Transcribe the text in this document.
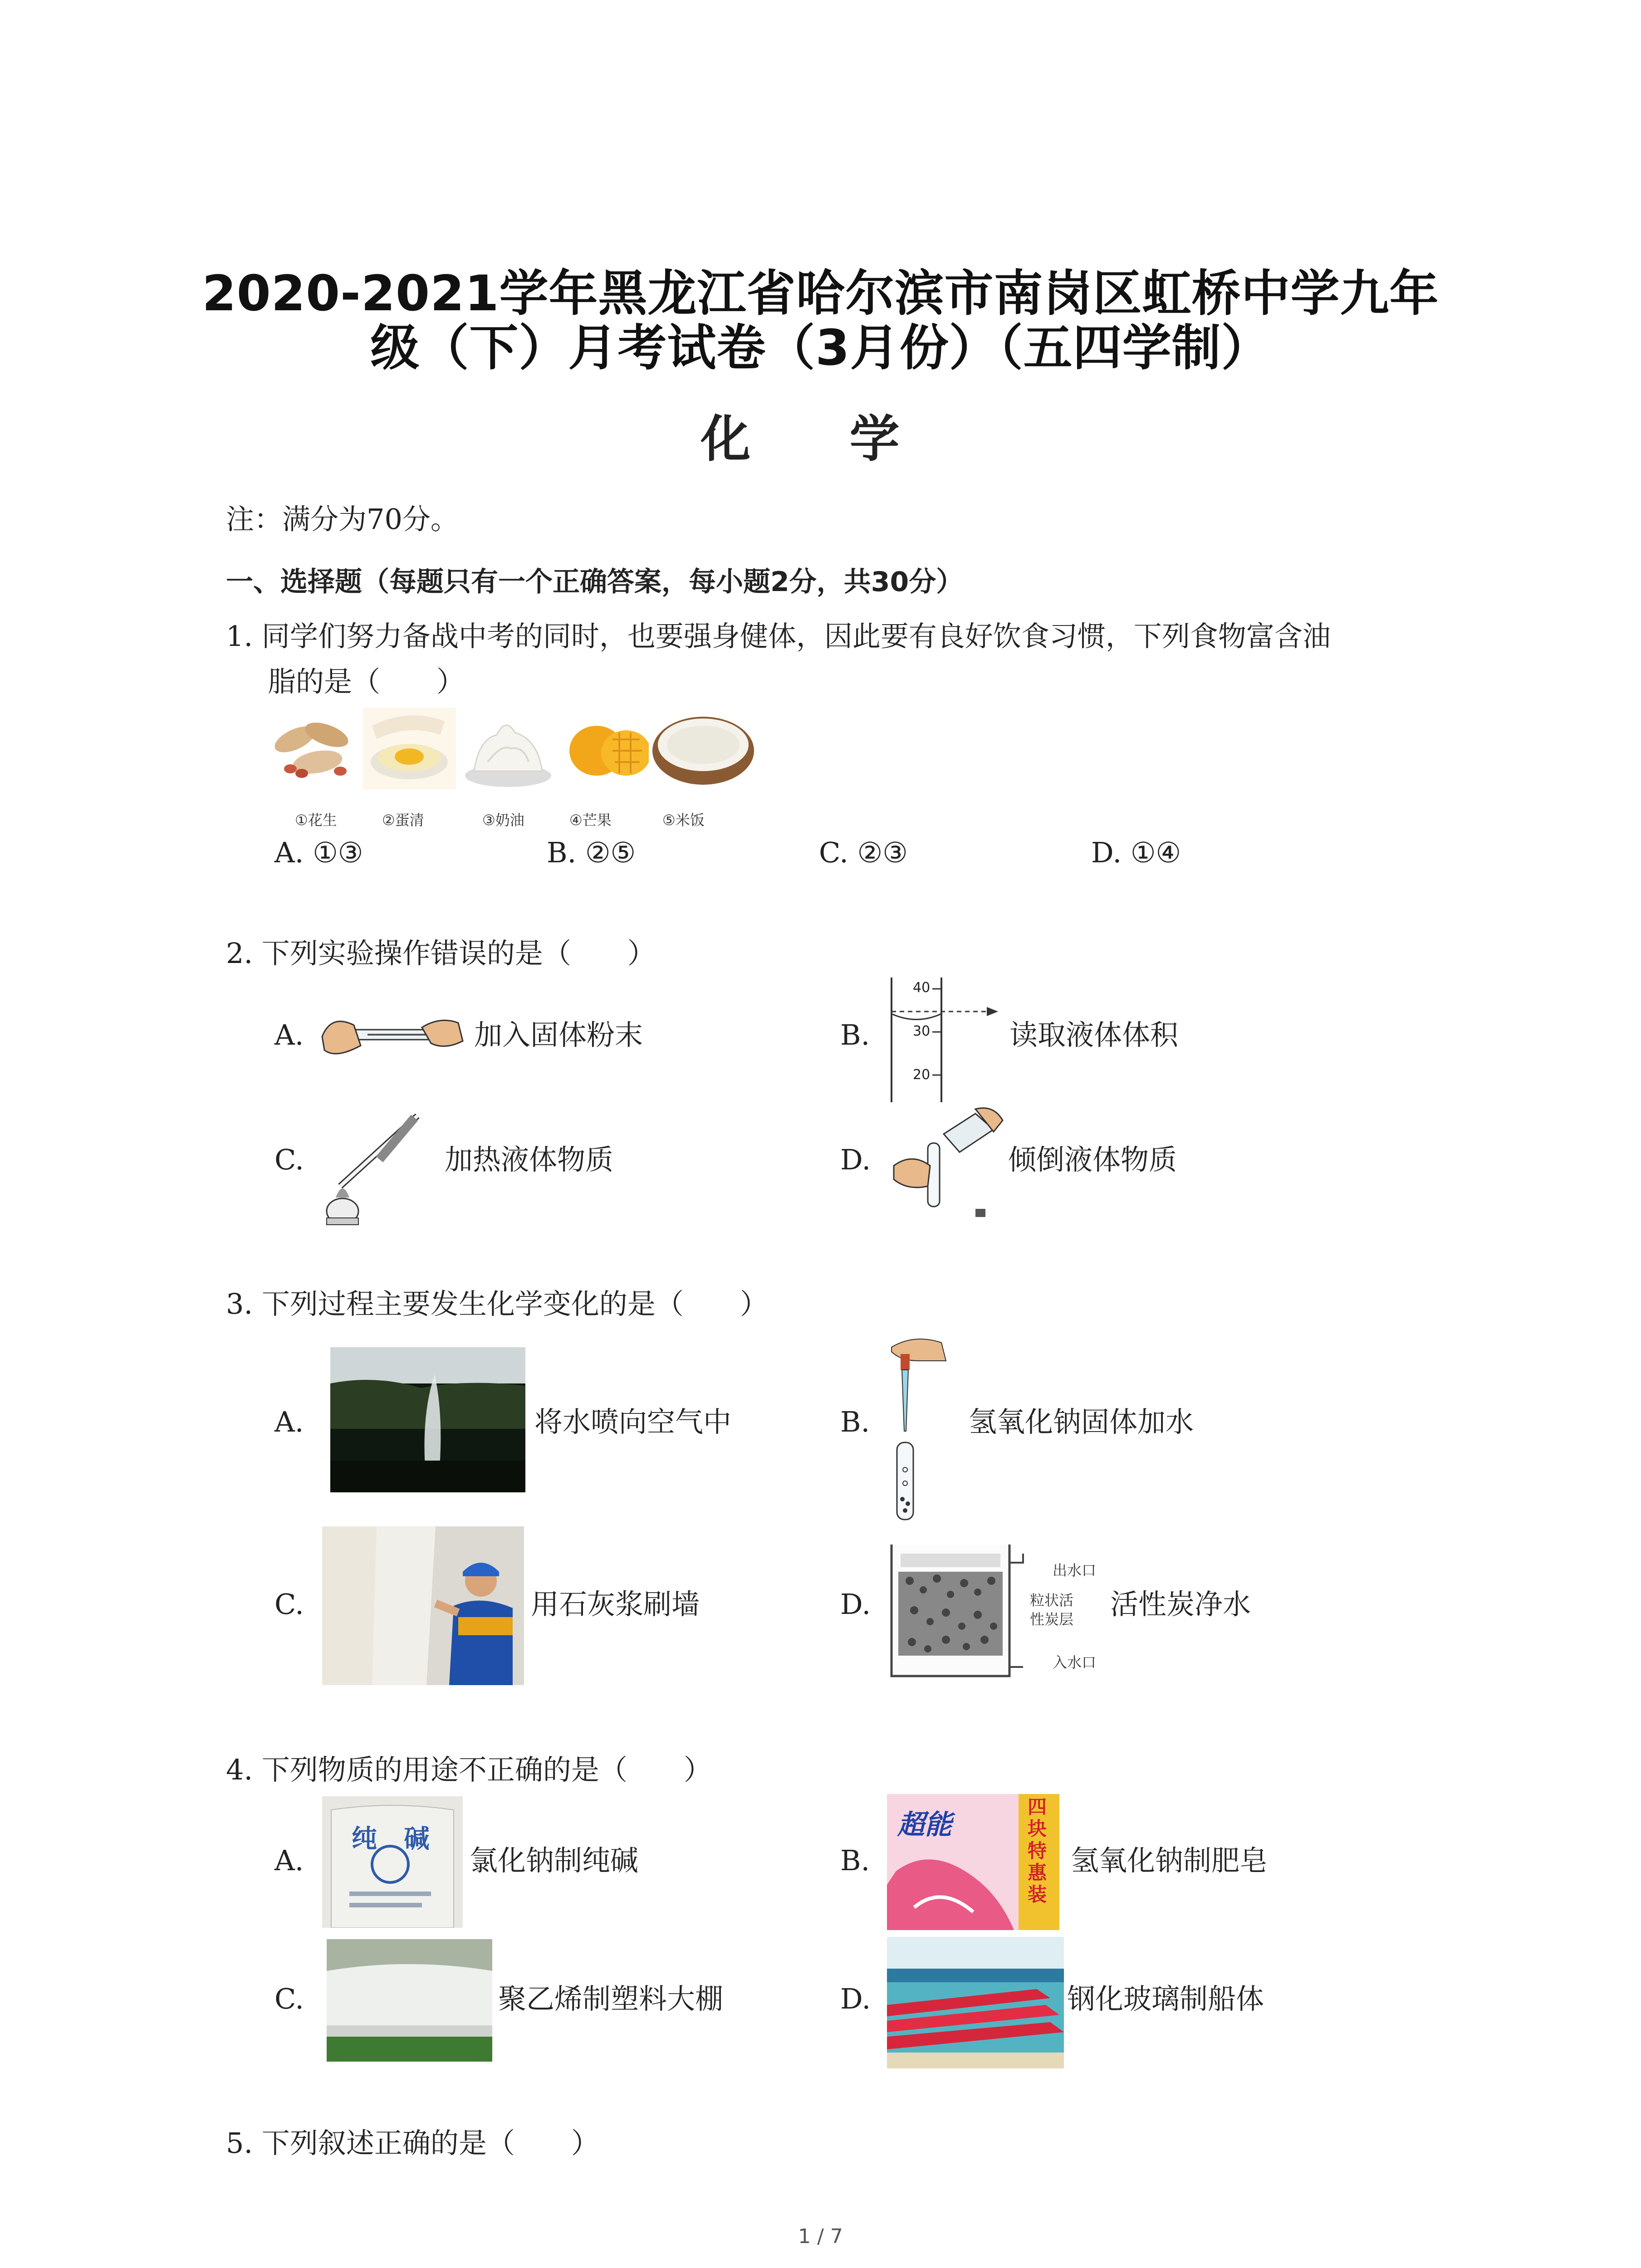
2020-2021学年黑龙江省哈尔滨市南岗区虹桥中学九年
级（下）月考试卷（3月份）（五四学制）
化 学
注：满分为70分。
一、选择题（每题只有一个正确答案，每小题2分，共30分）
1. 同学们努力备战中考的同时，也要强身健体，因此要有良好饮食习惯，下列食物富含油
脂的是（　　）
①花生	②蛋清	③奶油	④芒果	⑤米饭
A. ①③	B. ②⑤	C. ②③	D. ①④
2. 下列实验操作错误的是（　　）
A.	加入固体粉末	B.
40
30
20
读取液体体积
C.	加热液体物质	D.	倾倒液体物质
3. 下列过程主要发生化学变化的是（　　）
A.	将水喷向空气中	B.	氢氧化钠固体加水
C.	用石灰浆刷墙	D.
出水口
粒状活
性炭层
入水口
活性炭净水
4. 下列物质的用途不正确的是（　　）
A.
纯 碱
氯化钠制纯碱	B.
超能
四块特惠装
氢氧化钠制肥皂
C.	聚乙烯制塑料大棚	D.	钢化玻璃制船体
5. 下列叙述正确的是（　　）
1 / 7
